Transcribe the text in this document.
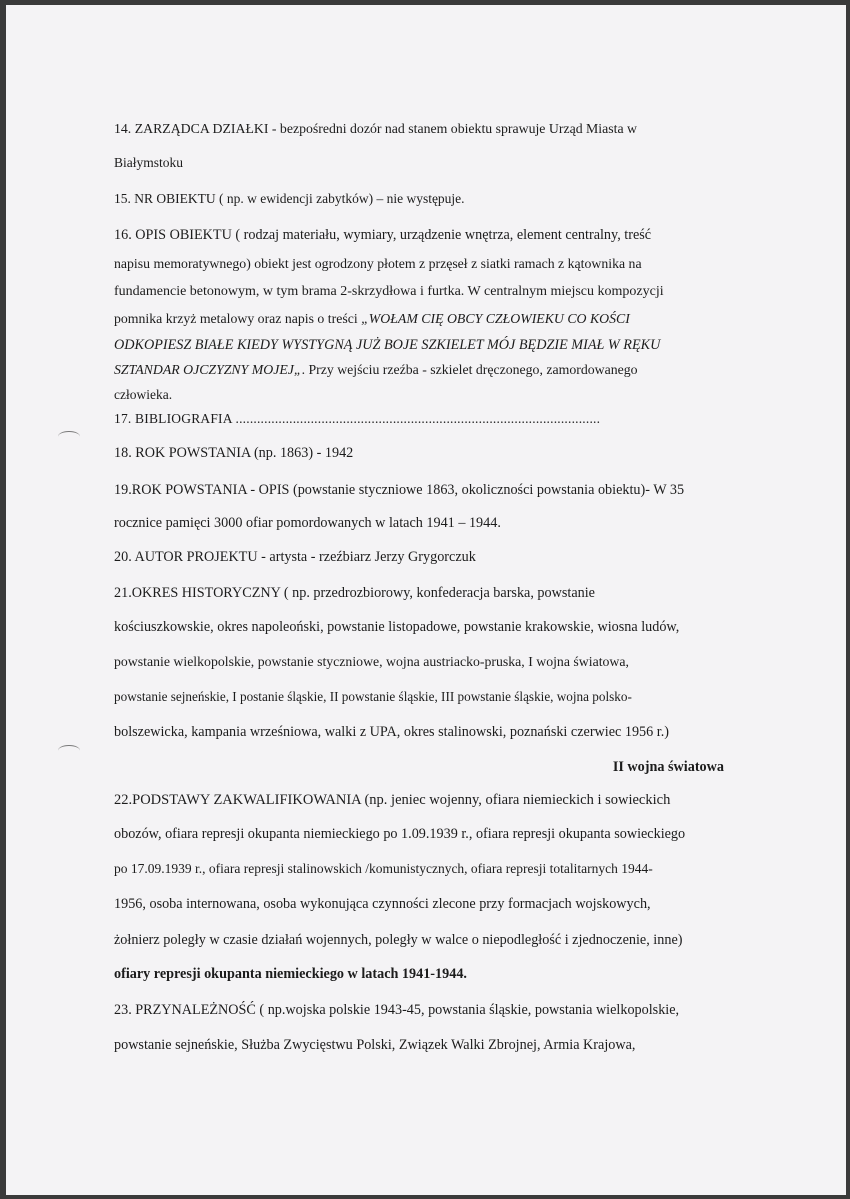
14. ZARZĄDCA DZIAŁKI - bezpośredni dozór nad stanem obiektu sprawuje Urząd Miasta w
Białymstoku
15. NR OBIEKTU ( np. w ewidencji zabytków) – nie występuje.
16. OPIS OBIEKTU ( rodzaj materiału, wymiary, urządzenie wnętrza, element centralny, treść
napisu memoratywnego) obiekt jest ogrodzony płotem z przęseł z siatki ramach z kątownika na
fundamencie betonowym, w tym brama 2-skrzydłowa i furtka. W centralnym miejscu kompozycji
pomnika krzyż metalowy oraz napis o treści „WOŁAM CIĘ OBCY CZŁOWIEKU CO KOŚCI
ODKOPIESZ BIAŁE KIEDY WYSTYGNĄ JUŻ BOJE SZKIELET MÓJ BĘDZIE MIAŁ W RĘKU
SZTANDAR OJCZYZNY MOJEJ„. Przy wejściu rzeźba - szkielet dręczonego, zamordowanego
człowieka.
17. BIBLIOGRAFIA ......................................................................................................
18. ROK POWSTANIA (np. 1863) - 1942
19.ROK POWSTANIA - OPIS (powstanie styczniowe 1863, okoliczności powstania obiektu)- W 35
rocznice pamięci 3000 ofiar pomordowanych w latach 1941 – 1944.
20. AUTOR PROJEKTU - artysta - rzeźbiarz Jerzy Grygorczuk
21.OKRES HISTORYCZNY ( np. przedrozbiorowy, konfederacja barska, powstanie
kościuszkowskie, okres napoleoński, powstanie listopadowe, powstanie krakowskie, wiosna ludów,
powstanie wielkopolskie, powstanie styczniowe, wojna austriacko-pruska, I wojna światowa,
powstanie sejneńskie, I postanie śląskie, II powstanie śląskie, III powstanie śląskie, wojna polsko-
bolszewicka, kampania wrześniowa, walki z UPA, okres stalinowski, poznański czerwiec 1956 r.)
II wojna światowa
22.PODSTAWY ZAKWALIFIKOWANIA (np. jeniec wojenny, ofiara niemieckich i sowieckich
obozów, ofiara represji okupanta niemieckiego po 1.09.1939 r., ofiara represji okupanta sowieckiego
po 17.09.1939 r., ofiara represji stalinowskich /komunistycznych, ofiara represji totalitarnych 1944-
1956, osoba internowana, osoba wykonująca czynności zlecone przy formacjach wojskowych,
żołnierz poległy w czasie działań wojennych, poległy w walce o niepodległość i zjednoczenie, inne)
ofiary represji okupanta niemieckiego w latach 1941-1944.
23. PRZYNALEŻNOŚĆ ( np.wojska polskie 1943-45, powstania śląskie, powstania wielkopolskie,
powstanie sejneńskie, Służba Zwycięstwu Polski, Związek Walki Zbrojnej, Armia Krajowa,
